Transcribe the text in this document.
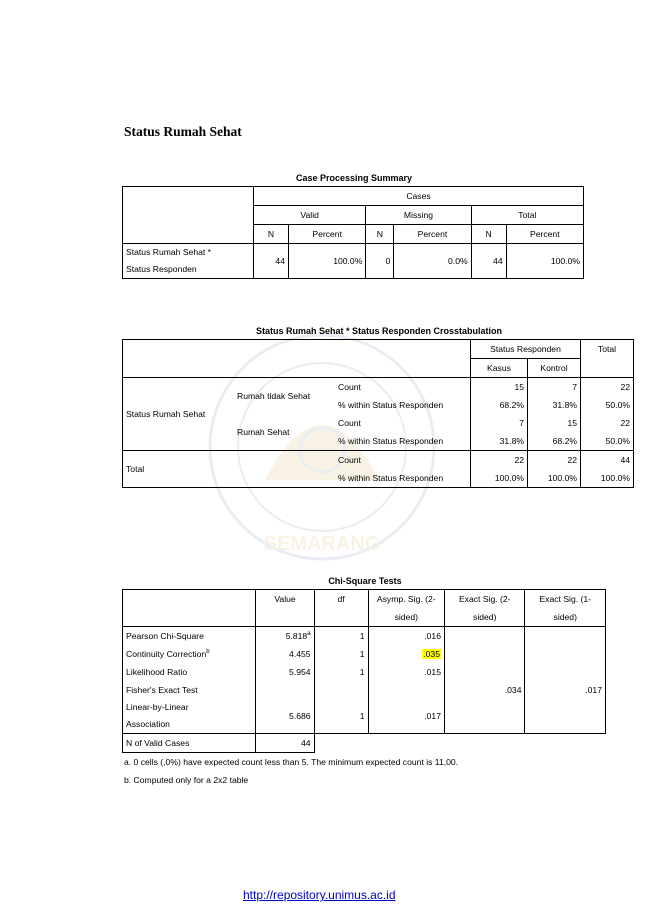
SEMARANG
Status Rumah Sehat
Case Processing Summary
	Cases					
	Valid		Missing		Total	
	N	Percent	N	Percent	N	Percent
Status Rumah Sehat *
Status Responden	44	100.0%	0	0.0%	44	100.0%
Status Rumah Sehat * Status Responden Crosstabulation
			Status Responden		Total
			Kasus	Kontrol	
Status Rumah Sehat	Rumah tidak Sehat	Count	15	7	22
		% within Status Responden	68.2%	31.8%	50.0%
	Rumah Sehat	Count	7	15	22
		% within Status Responden	31.8%	68.2%	50.0%
Total		Count	22	22	44
		% within Status Responden	100.0%	100.0%	100.0%
Chi-Square Tests
	Value	df	Asymp. Sig. (2-	Exact Sig. (2-	Exact Sig. (1-
			sided)	sided)	sided)
Pearson Chi-Square	5.818$^a$	1	.016		
Continuity Correction$^b$	4.455	1	.035		
Likelihood Ratio	5.954	1	.015		
Fisher's Exact Test				.034	.017
Linear-by-Linear
Association	5.686	1	.017		
N of Valid Cases	44				
a. 0 cells (,0%) have expected count less than 5. The minimum expected count is 11,00.
b. Computed only for a 2x2 table
http://repository.unimus.ac.id
